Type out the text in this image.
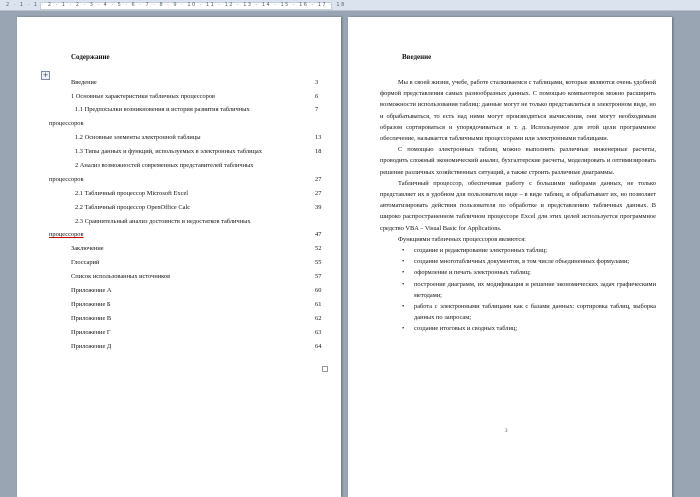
2 · 1 · 1 · 2 · 1 · 2 · 3 · 4 · 5 · 6 · 7 · 8 · 9 · 10 · 11 · 12 · 13 · 14 · 15 · 16 · 17 · 18
+
Содержание
Введение	3
1 Основные характеристики табличных процессоров	6
1.1 Предпосылки возникновения и история развития табличных	7
процессоров
1.2 Основные элементы электронной таблицы	13
1.3 Типы данных и функций, используемых в электронных таблицах	18
2 Анализ возможностей современных представителей табличных
процессоров	27
2.1 Табличный процессор Microsoft Excel	27
2.2 Табличный процессор OpenOffice Calc	39
2.3 Сравнительный анализ достоинств и недостатков табличных
процессоров	47
Заключение	52
Глоссарий	55
Список использованных источников	57
Приложение А	60
Приложение Б	61
Приложение В	62
Приложение Г	63
Приложение Д	64
Введение

Мы в своей жизни, учебе, работе сталкиваемся с таблицами, которые являются очень удобной формой представления самых разнообразных данных. С помощью компьютеров можно расширить возможности использования таблиц: данные могут не только представляться в электронном виде, но и обрабатываться, то есть над ними могут производиться вычисления, они могут необходимым образом сортироваться и упорядочиваться и т. д. Используемое для этой цели программное обеспечение, называется табличными процессорами или электронными таблицами.

С помощью электронных таблиц можно выполнять различные инженерные расчеты, проводить сложный экономический анализ, бухгалтерские расчеты, моделировать и оптимизировать решение различных хозяйственных ситуаций, а также строить различные диаграммы.

Табличный процессор, обеспечивая работу с большими наборами данных, не только представляет их в удобном для пользователя виде – в виде таблиц, и обрабатывает их, но позволяет автоматизировать действия пользователя по обработке и представлению табличных данных. В широко распространенном табличном процессоре Excel для этих целей используется программное средство VBA – Visual Basic for Applications.

Функциями табличных процессоров являются:

• создание и редактирование электронных таблиц;
• создание многотабличных документов, в том числе объединенных формулами;
• оформление и печать электронных таблиц;
• построение диаграмм, их модификация и решение экономических задач графическими методами;
• работа с электронными таблицами как с базами данных: сортировка таблиц, выборка данных по запросам;
• создание итоговых и сводных таблиц;
3
